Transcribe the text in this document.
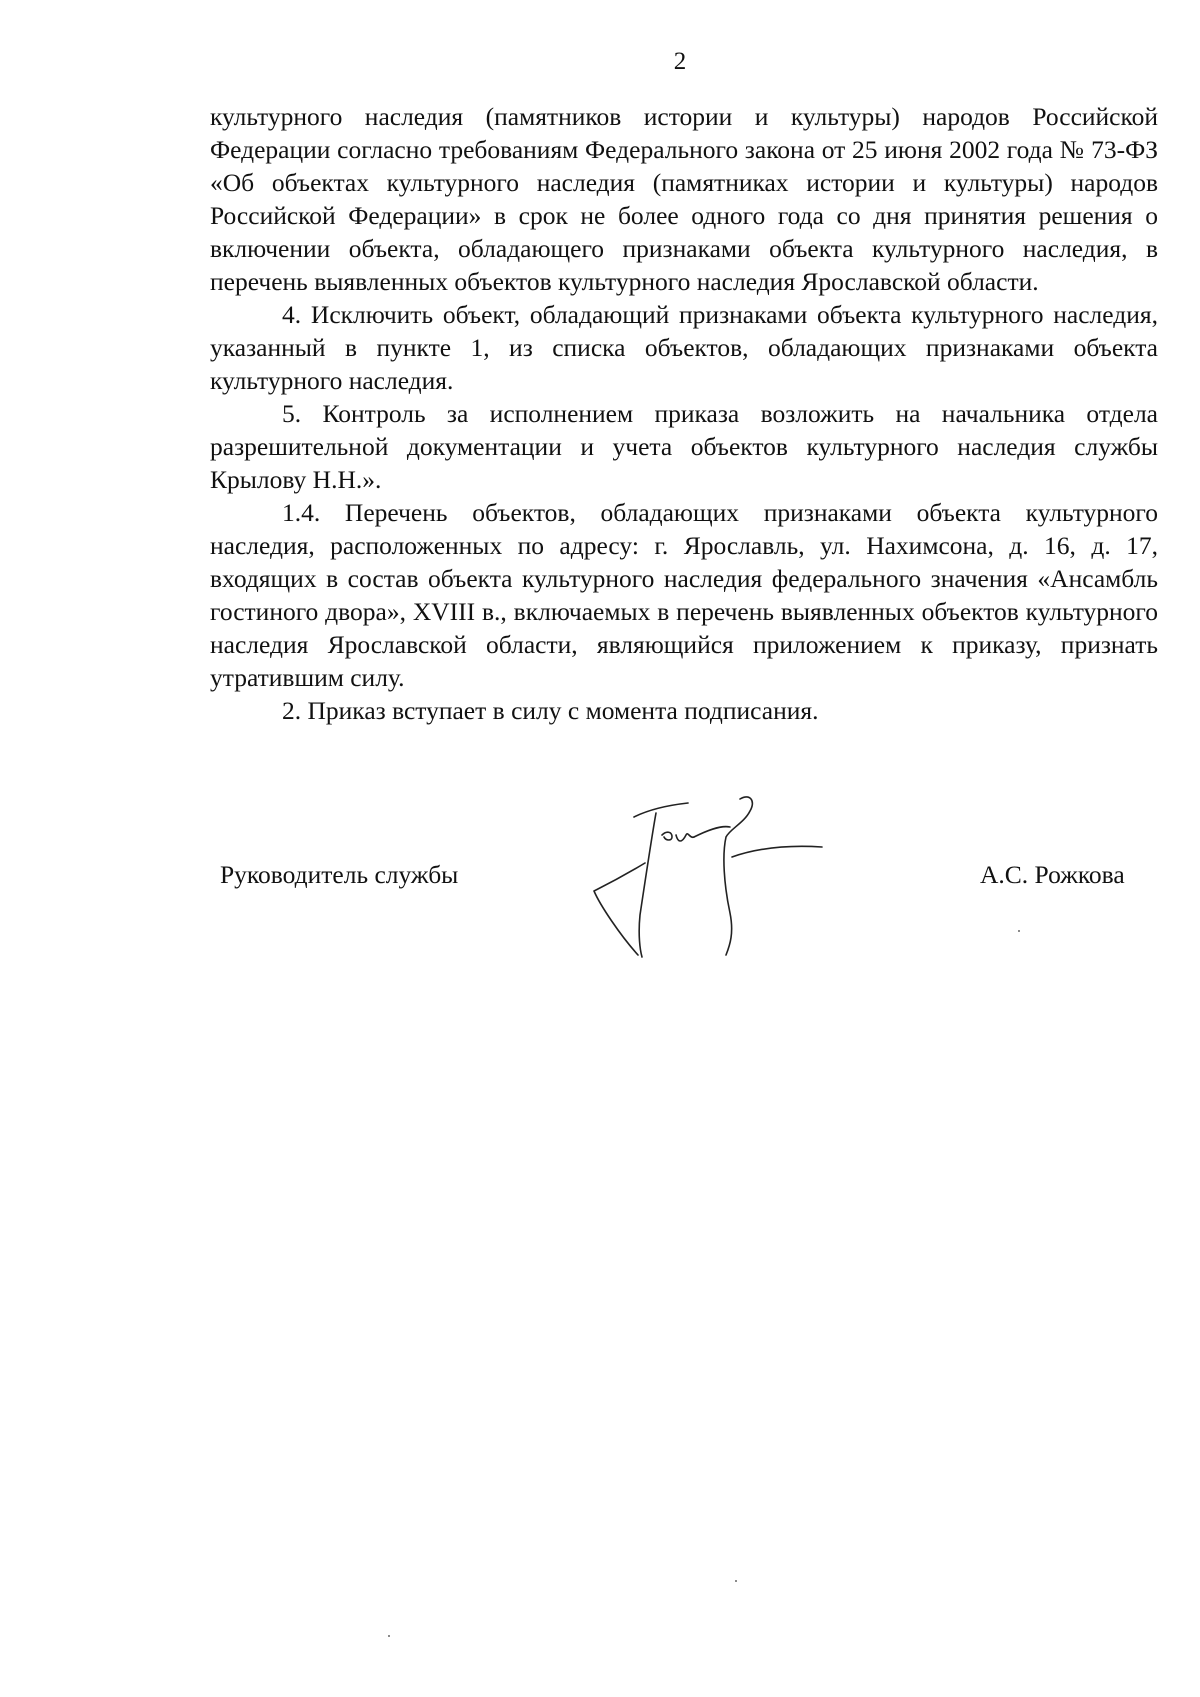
2

культурного наследия (памятников истории и культуры) народов Российской Федерации согласно требованиям Федерального закона от 25 июня 2002 года № 73-ФЗ «Об объектах культурного наследия (памятниках истории и культуры) народов Российской Федерации» в срок не более одного года со дня принятия решения о включении объекта, обладающего признаками объекта культурного наследия, в перечень выявленных объектов культурного наследия Ярославской области.

4. Исключить объект, обладающий признаками объекта культурного наследия, указанный в пункте 1, из списка объектов, обладающих признаками объекта культурного наследия.

5. Контроль за исполнением приказа возложить на начальника отдела разрешительной документации и учета объектов культурного наследия службы Крылову Н.Н.».

1.4. Перечень объектов, обладающих признаками объекта культурного наследия, расположенных по адресу: г. Ярославль, ул. Нахимсона, д. 16, д. 17, входящих в состав объекта культурного наследия федерального значения «Ансамбль гостиного двора», XVIII в., включаемых в перечень выявленных объектов культурного наследия Ярославской области, являющийся приложением к приказу, признать утратившим силу.

2. Приказ вступает в силу с момента подписания.

Руководитель службы	А.С. Рожкова
